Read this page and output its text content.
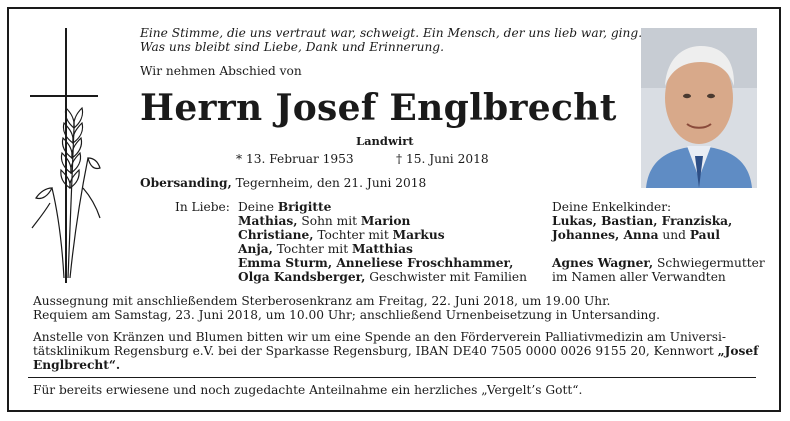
Eine Stimme, die uns vertraut war, schweigt. Ein Mensch, der uns lieb war, ging.
Was uns bleibt sind Liebe, Dank und Erinnerung.
Wir nehmen Abschied von
Herrn Josef Englbrecht
Landwirt
* 13. Februar 1953	† 15. Juni 2018
Obersanding, Tegernheim, den 21. Juni 2018
In Liebe: Deine Brigitte
Mathias, Sohn mit Marion
Christiane, Tochter mit Markus
Anja, Tochter mit Matthias
Emma Sturm, Anneliese Froschhammer,
Olga Kandsberger, Geschwister mit Familien
Deine Enkelkinder:
Lukas, Bastian, Franziska,
Johannes, Anna und Paul
Agnes Wagner, Schwiegermutter
im Namen aller Verwandten
Aussegnung mit anschließendem Sterberosenkranz am Freitag, 22. Juni 2018, um 19.00 Uhr.
Requiem am Samstag, 23. Juni 2018, um 10.00 Uhr; anschließend Urnenbeisetzung in Untersanding.
Anstelle von Kränzen und Blumen bitten wir um eine Spende an den Förderverein Palliativmedizin am Universi-
tätsklinikum Regensburg e.V. bei der Sparkasse Regensburg, IBAN DE40 7505 0000 0026 9155 20, Kennwort „Josef
Englbrecht“.
Für bereits erwiesene und noch zugedachte Anteilnahme ein herzliches „Vergelt’s Gott“.
